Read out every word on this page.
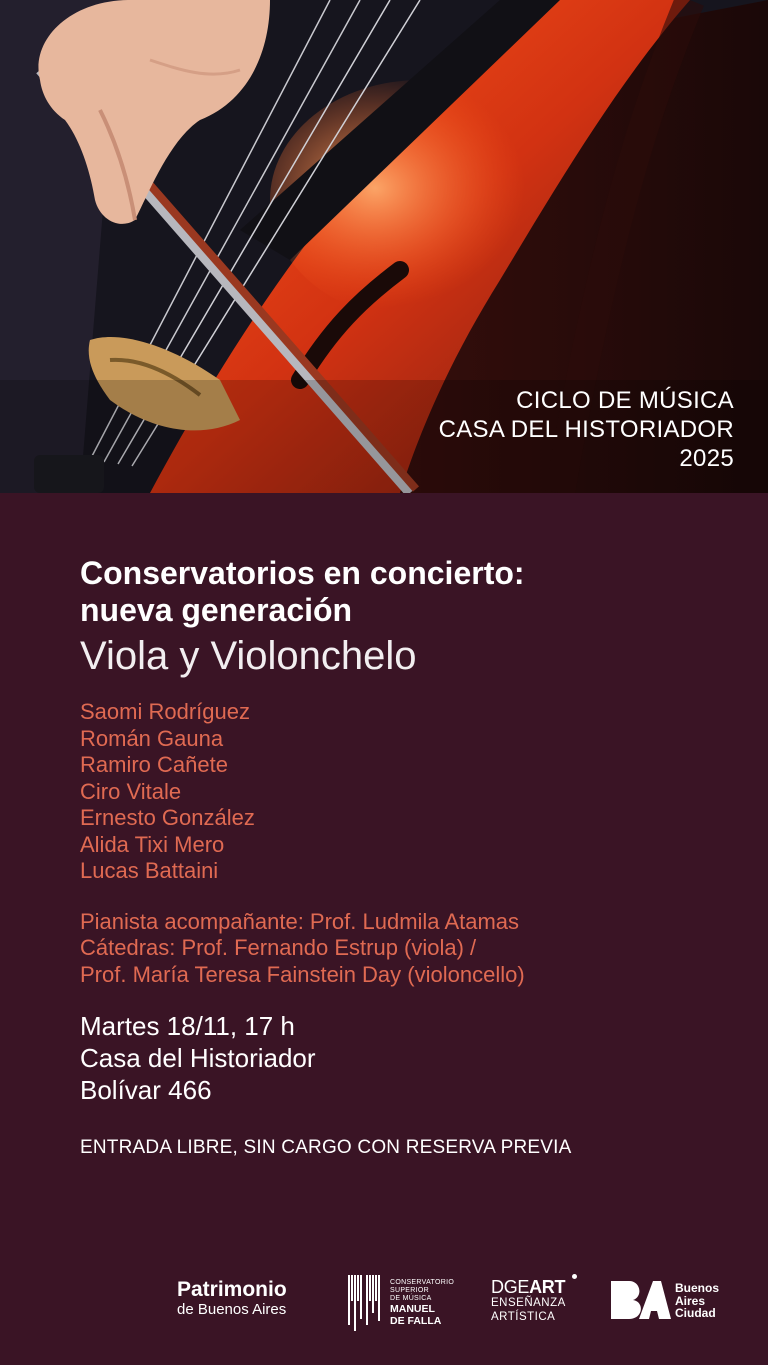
CICLO DE MÚSICA
CASA DEL HISTORIADOR
2025
Conservatorios en concierto:
nueva generación
Viola y Violonchelo
Saomi Rodríguez
Román Gauna
Ramiro Cañete
Ciro Vitale
Ernesto González
Alida Tixi Mero
Lucas Battaini
Pianista acompañante: Prof. Ludmila Atamas
Cátedras: Prof. Fernando Estrup (viola) /
Prof. María Teresa Fainstein Day (violoncello)
Martes 18/11, 17 h
Casa del Historiador
Bolívar 466
ENTRADA LIBRE, SIN CARGO CON RESERVA PREVIA
Patrimonio
de Buenos Aires
CONSERVATORIO
SUPERIOR
DE MÚSICA
MANUEL
DE FALLA
DGEART
ENSEÑANZA
ARTÍSTICA
Buenos
Aires
Ciudad
